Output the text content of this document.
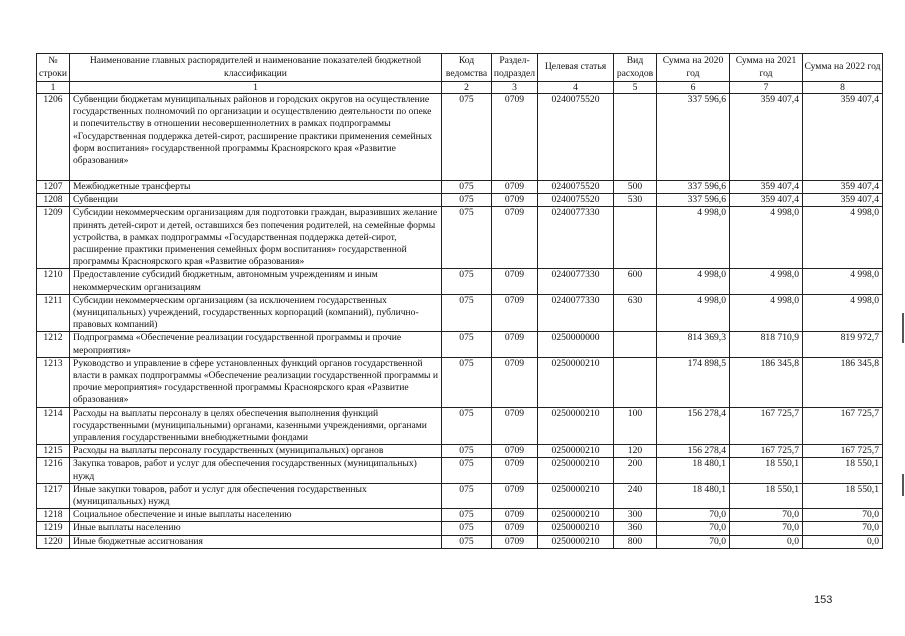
№ строки	Наименование главных распорядителей и наименование показателей бюджетной классификации	Код ведомства	Раздел-подраздел	Целевая статья	Вид расходов	Сумма на 2020 год	Сумма на 2021 год	Сумма на 2022 год
1	1	2	3	4	5	6	7	8
1206	Субвенции бюджетам муниципальных районов и городских округов на осуществление государственных полномочий по организации и осуществлению деятельности по опеке и попечительству в отношении несовершеннолетних в рамках подпрограммы «Государственная поддержка детей-сирот, расширение практики применения семейных форм воспитания» государственной программы Красноярского края «Развитие образования»	075	0709	0240075520		337 596,6	359 407,4	359 407,4
1207	Межбюджетные трансферты	075	0709	0240075520	500	337 596,6	359 407,4	359 407,4
1208	Субвенции	075	0709	0240075520	530	337 596,6	359 407,4	359 407,4
1209	Субсидии некоммерческим организациям для подготовки граждан, выразивших желание принять детей-сирот и детей, оставшихся без попечения родителей, на семейные формы устройства, в рамках подпрограммы «Государственная поддержка детей-сирот, расширение практики применения семейных форм воспитания» государственной программы Красноярского края «Развитие образования»	075	0709	0240077330		4 998,0	4 998,0	4 998,0
1210	Предоставление субсидий бюджетным, автономным учреждениям и иным некоммерческим организациям	075	0709	0240077330	600	4 998,0	4 998,0	4 998,0
1211	Субсидии некоммерческим организациям (за исключением государственных (муниципальных) учреждений, государственных корпораций (компаний), публично-правовых компаний)	075	0709	0240077330	630	4 998,0	4 998,0	4 998,0
1212	Подпрограмма «Обеспечение реализации государственной программы и прочие мероприятия»	075	0709	0250000000		814 369,3	818 710,9	819 972,7
1213	Руководство и управление в сфере установленных функций органов государственной власти в рамках подпрограммы «Обеспечение реализации государственной программы и прочие мероприятия» государственной программы Красноярского края «Развитие образования»	075	0709	0250000210		174 898,5	186 345,8	186 345,8
1214	Расходы на выплаты персоналу в целях обеспечения выполнения функций государственными (муниципальными) органами, казенными учреждениями, органами управления государственными внебюджетными фондами	075	0709	0250000210	100	156 278,4	167 725,7	167 725,7
1215	Расходы на выплаты персоналу государственных (муниципальных) органов	075	0709	0250000210	120	156 278,4	167 725,7	167 725,7
1216	Закупка товаров, работ и услуг для обеспечения государственных (муниципальных) нужд	075	0709	0250000210	200	18 480,1	18 550,1	18 550,1
1217	Иные закупки товаров, работ и услуг для обеспечения государственных (муниципальных) нужд	075	0709	0250000210	240	18 480,1	18 550,1	18 550,1
1218	Социальное обеспечение и иные выплаты населению	075	0709	0250000210	300	70,0	70,0	70,0
1219	Иные выплаты населению	075	0709	0250000210	360	70,0	70,0	70,0
1220	Иные бюджетные ассигнования	075	0709	0250000210	800	70,0	0,0	0,0
153
